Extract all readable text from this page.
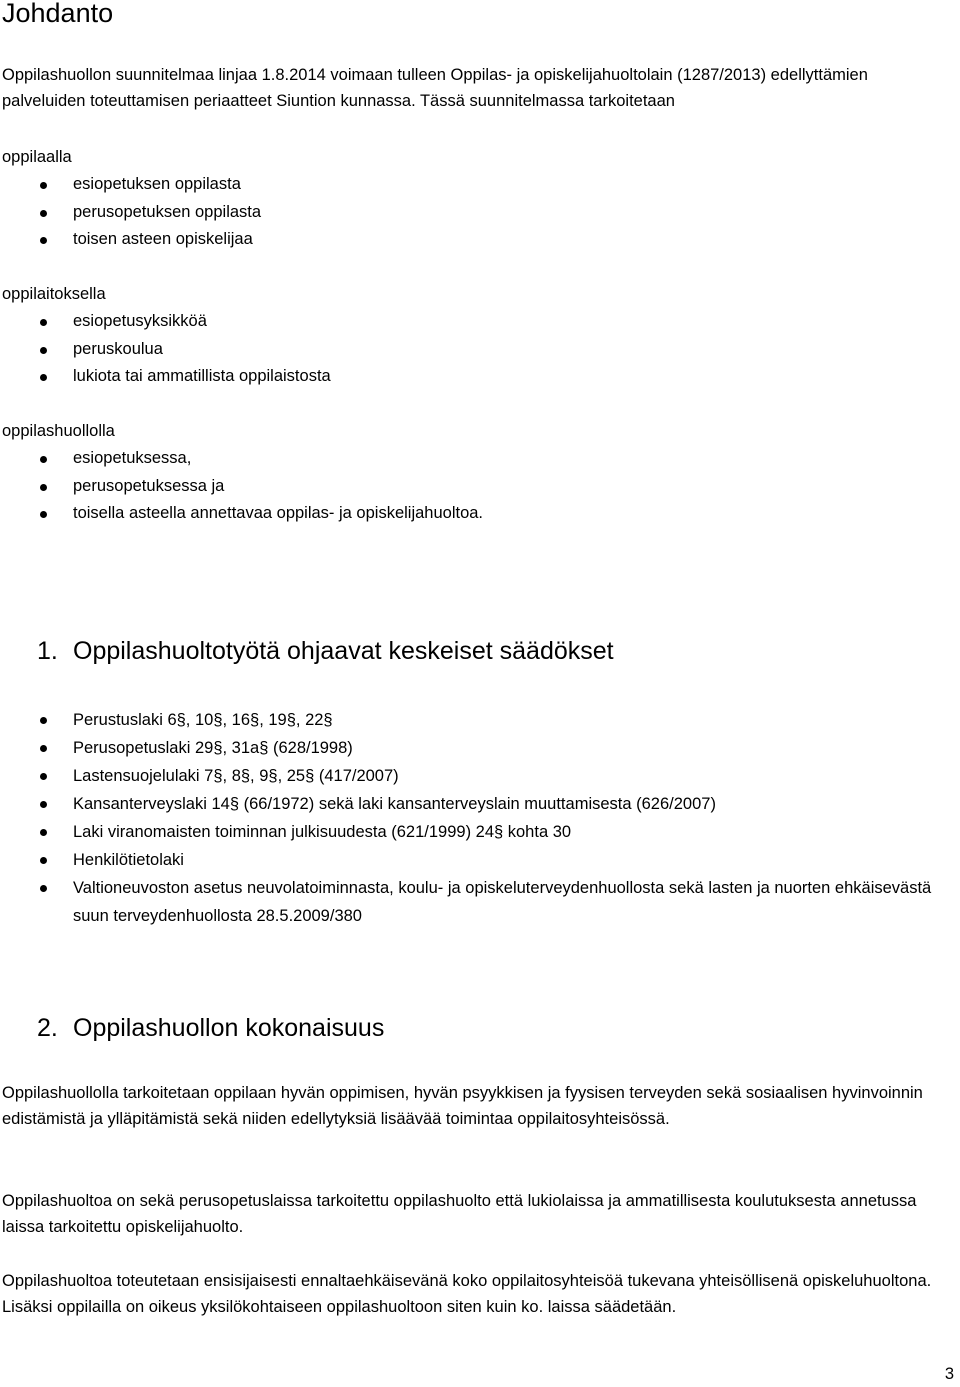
Johdanto

Oppilashuollon suunnitelmaa linjaa 1.8.2014 voimaan tulleen Oppilas- ja opiskelijahuoltolain (1287/2013) edellyttämien palveluiden toteuttamisen periaatteet Siuntion kunnassa. Tässä suunnitelmassa tarkoitetaan

oppilaalla

esiopetuksen oppilasta
perusopetuksen oppilasta
toisen asteen opiskelijaa

oppilaitoksella

esiopetusyksikköä
peruskoulua
lukiota tai ammatillista oppilaistosta

oppilashuollolla

esiopetuksessa,
perusopetuksessa ja
toisella asteella annettavaa oppilas- ja opiskelijahuoltoa.
1. Oppilashuoltotyötä ohjaavat keskeiset säädökset
Perustuslaki 6§, 10§, 16§, 19§, 22§
Perusopetuslaki 29§, 31a§ (628/1998)
Lastensuojelulaki 7§, 8§, 9§, 25§ (417/2007)
Kansanterveyslaki 14§ (66/1972) sekä laki kansanterveyslain muuttamisesta (626/2007)
Laki viranomaisten toiminnan julkisuudesta (621/1999) 24§ kohta 30
Henkilötietolaki
Valtioneuvoston asetus neuvolatoiminnasta, koulu- ja opiskeluterveydenhuollosta sekä lasten ja nuorten ehkäisevästä suun terveydenhuollosta 28.5.2009/380
2. Oppilashuollon kokonaisuus

Oppilashuollolla tarkoitetaan oppilaan hyvän oppimisen, hyvän psyykkisen ja fyysisen terveyden sekä sosiaalisen hyvinvoinnin edistämistä ja ylläpitämistä sekä niiden edellytyksiä lisäävää toimintaa oppilaitosyhteisössä.

Oppilashuoltoa on sekä perusopetuslaissa tarkoitettu oppilashuolto että lukiolaissa ja ammatillisesta koulutuksesta annetussa laissa tarkoitettu opiskelijahuolto.

Oppilashuoltoa toteutetaan ensisijaisesti ennaltaehkäisevänä koko oppilaitosyhteisöä tukevana yhteisöllisenä opiskeluhuoltona. Lisäksi oppilailla on oikeus yksilökohtaiseen oppilashuoltoon siten kuin ko. laissa säädetään.

3
